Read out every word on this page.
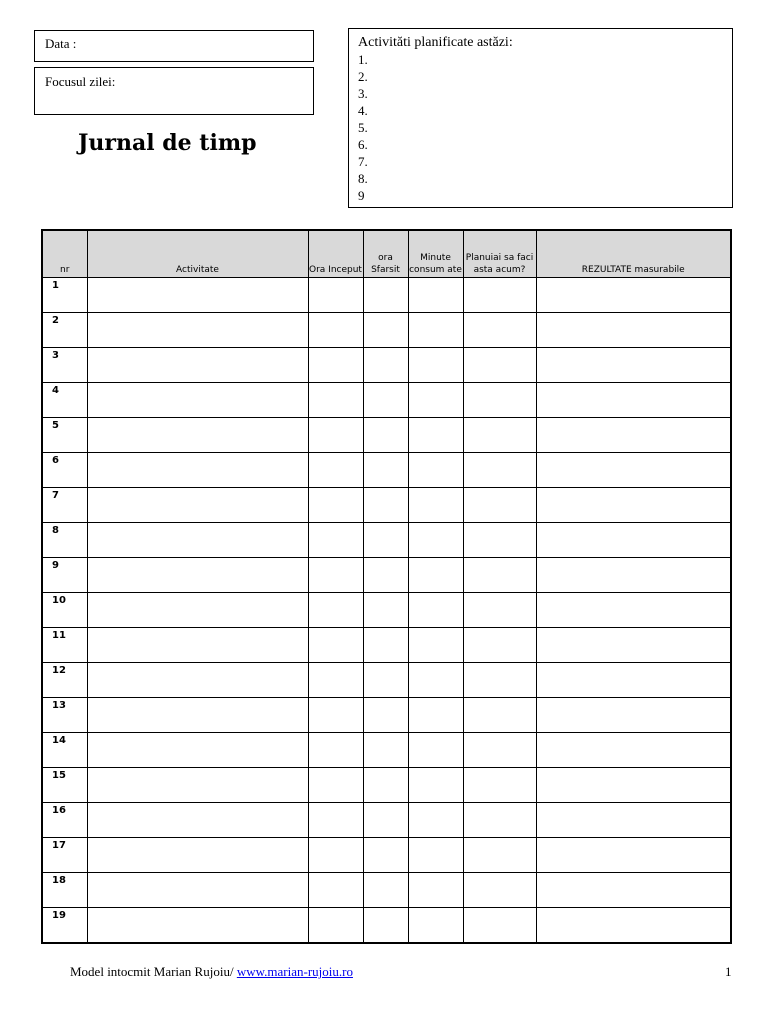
Data :
Focusul zilei:
Jurnal de timp
Activităti planificate astăzi:
1.
2.
3.
4.
5.
6.
7.
8.
9
nr	Activitate	Ora Inceput	ora Sfarsit	Minute consum ate	Planuiai sa faci asta acum?	REZULTATE masurabile
1						
2						
3						
4						
5						
6						
7						
8						
9						
10						
11						
12						
13						
14						
15						
16						
17						
18						
19						
Model intocmit Marian Rujoiu/ www.marian-rujoiu.ro	1
